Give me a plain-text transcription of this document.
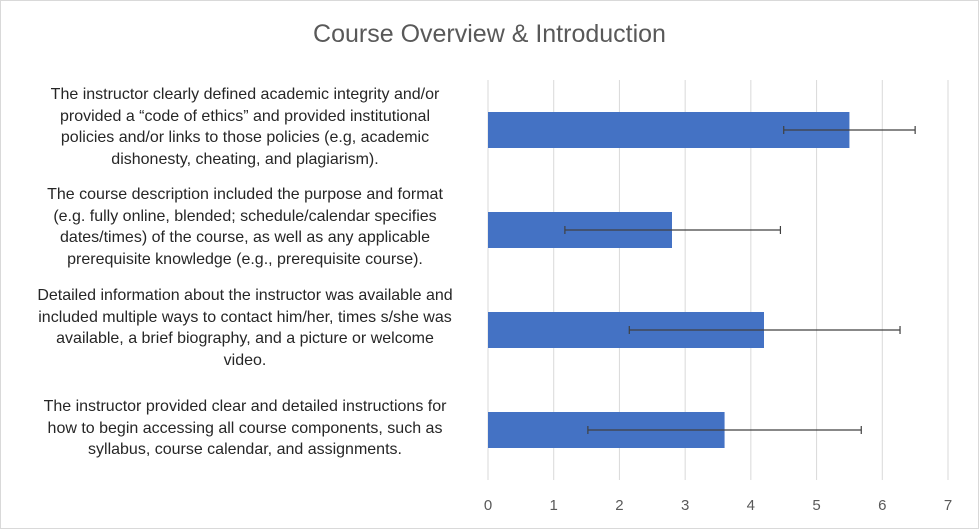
Course Overview & Introduction
The instructor clearly defined academic integrity and/or
provided a “code of ethics” and provided institutional
policies and/or links to those policies (e.g, academic
dishonesty, cheating, and plagiarism).
The course description included the purpose and format
(e.g. fully online, blended; schedule/calendar specifies
dates/times) of the course, as well as any applicable
prerequisite knowledge (e.g., prerequisite course).
Detailed information about the instructor was available and
included multiple ways to contact him/her, times s/she was
available, a brief biography, and a picture or welcome
video.
The instructor provided clear and detailed instructions for
how to begin accessing all course components, such as
syllabus, course calendar, and assignments.
0	1	2	3	4	5	6	7
